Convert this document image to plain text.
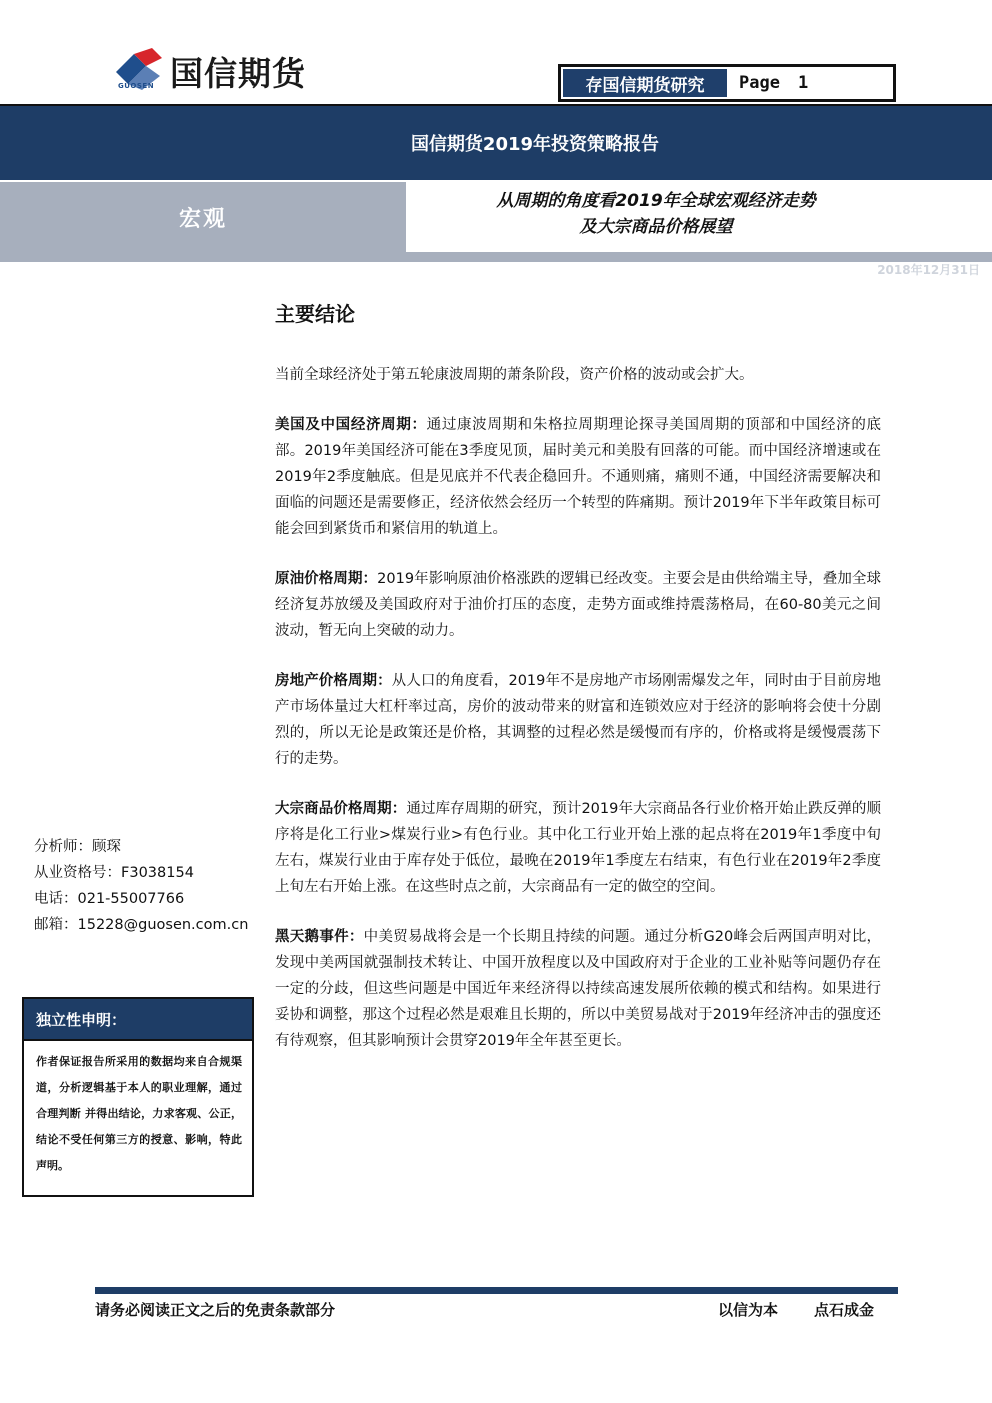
国信期货
GUOSEN	存国信期货研究	Page 1
国信期货2019年投资策略报告
宏观
从周期的角度看2019年全球宏观经济走势
及大宗商品价格展望
2018年12月31日
主要结论

当前全球经济处于第五轮康波周期的萧条阶段，资产价格的波动或会扩大。

美国及中国经济周期：通过康波周期和朱格拉周期理论探寻美国周期的顶部和中国经济的底部。2019年美国经济可能在3季度见顶，届时美元和美股有回落的可能。而中国经济增速或在2019年2季度触底。但是见底并不代表企稳回升。不通则痛，痛则不通，中国经济需要解决和面临的问题还是需要修正，经济依然会经历一个转型的阵痛期。预计2019年下半年政策目标可能会回到紧货币和紧信用的轨道上。

原油价格周期：2019年影响原油价格涨跌的逻辑已经改变。主要会是由供给端主导，叠加全球经济复苏放缓及美国政府对于油价打压的态度，走势方面或维持震荡格局，在60-80美元之间波动，暂无向上突破的动力。

房地产价格周期：从人口的角度看，2019年不是房地产市场刚需爆发之年，同时由于目前房地产市场体量过大杠杆率过高，房价的波动带来的财富和连锁效应对于经济的影响将会使十分剧烈的，所以无论是政策还是价格，其调整的过程必然是缓慢而有序的，价格或将是缓慢震荡下行的走势。

大宗商品价格周期：通过库存周期的研究，预计2019年大宗商品各行业价格开始止跌反弹的顺序将是化工行业>煤炭行业>有色行业。其中化工行业开始上涨的起点将在2019年1季度中旬左右，煤炭行业由于库存处于低位，最晚在2019年1季度左右结束，有色行业在2019年2季度上旬左右开始上涨。在这些时点之前，大宗商品有一定的做空的空间。

黑天鹅事件：中美贸易战将会是一个长期且持续的问题。通过分析G20峰会后两国声明对比，发现中美两国就强制技术转让、中国开放程度以及中国政府对于企业的工业补贴等问题仍存在一定的分歧，但这些问题是中国近年来经济得以持续高速发展所依赖的模式和结构。如果进行妥协和调整，那这个过程必然是艰难且长期的，所以中美贸易战对于2019年经济冲击的强度还有待观察，但其影响预计会贯穿2019年全年甚至更长。

分析师：顾琛
从业资格号：F3038154
电话：021-55007766
邮箱：15228@guosen.com.cn
独立性申明：
作者保证报告所采用的数据均来自合规渠道，分析逻辑基于本人的职业理解，通过合理判断 并得出结论，力求客观、公正，结论不受任何第三方的授意、影响，特此声明。
请务必阅读正文之后的免责条款部分	以信为本 点石成金
